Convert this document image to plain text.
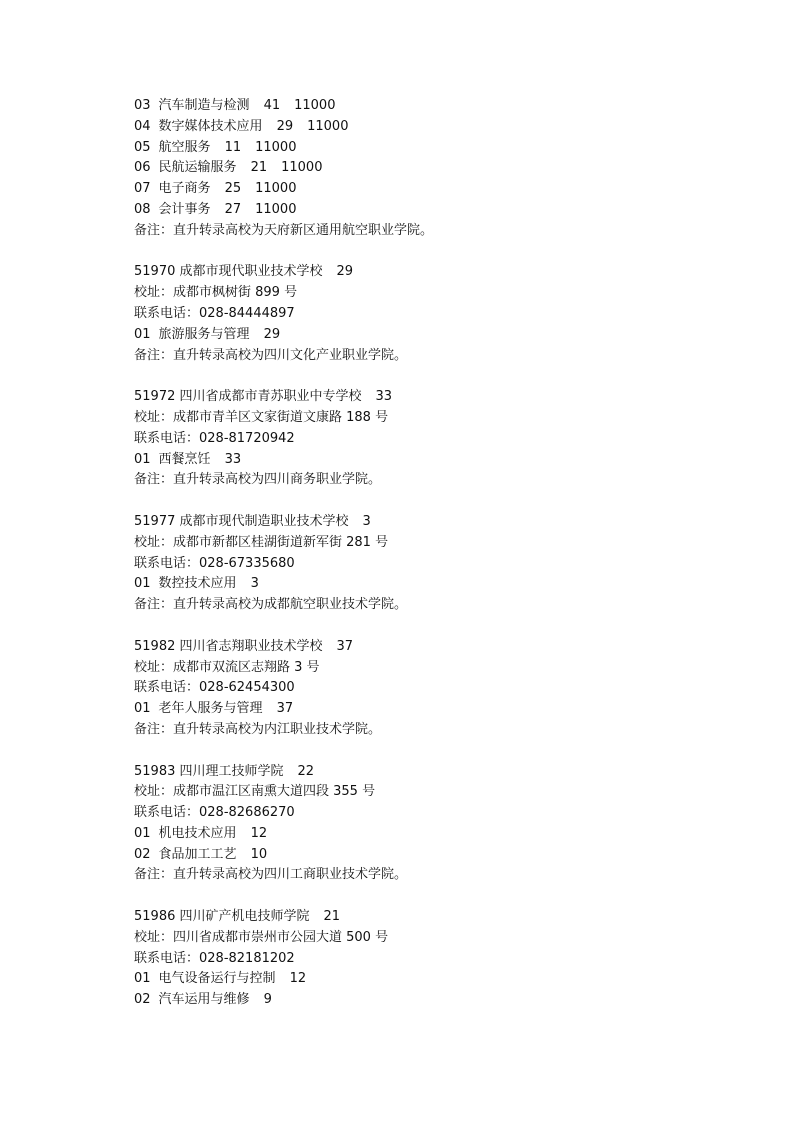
03 汽车制造与检测 41 11000
04 数字媒体技术应用 29 11000
05 航空服务 11 11000
06 民航运输服务 21 11000
07 电子商务 25 11000
08 会计事务 27 11000
备注：直升转录高校为天府新区通用航空职业学院。
51970 成都市现代职业技术学校 29
校址：成都市枫树街 899 号
联系电话：028-84444897
01 旅游服务与管理 29
备注：直升转录高校为四川文化产业职业学院。
51972 四川省成都市青苏职业中专学校 33
校址：成都市青羊区文家街道文康路 188 号
联系电话：028-81720942
01 西餐烹饪 33
备注：直升转录高校为四川商务职业学院。
51977 成都市现代制造职业技术学校 3
校址：成都市新都区桂湖街道新军街 281 号
联系电话：028-67335680
01 数控技术应用 3
备注：直升转录高校为成都航空职业技术学院。
51982 四川省志翔职业技术学校 37
校址：成都市双流区志翔路 3 号
联系电话：028-62454300
01 老年人服务与管理 37
备注：直升转录高校为内江职业技术学院。
51983 四川理工技师学院 22
校址：成都市温江区南熏大道四段 355 号
联系电话：028-82686270
01 机电技术应用 12
02 食品加工工艺 10
备注：直升转录高校为四川工商职业技术学院。
51986 四川矿产机电技师学院 21
校址：四川省成都市崇州市公园大道 500 号
联系电话：028-82181202
01 电气设备运行与控制 12
02 汽车运用与维修 9
